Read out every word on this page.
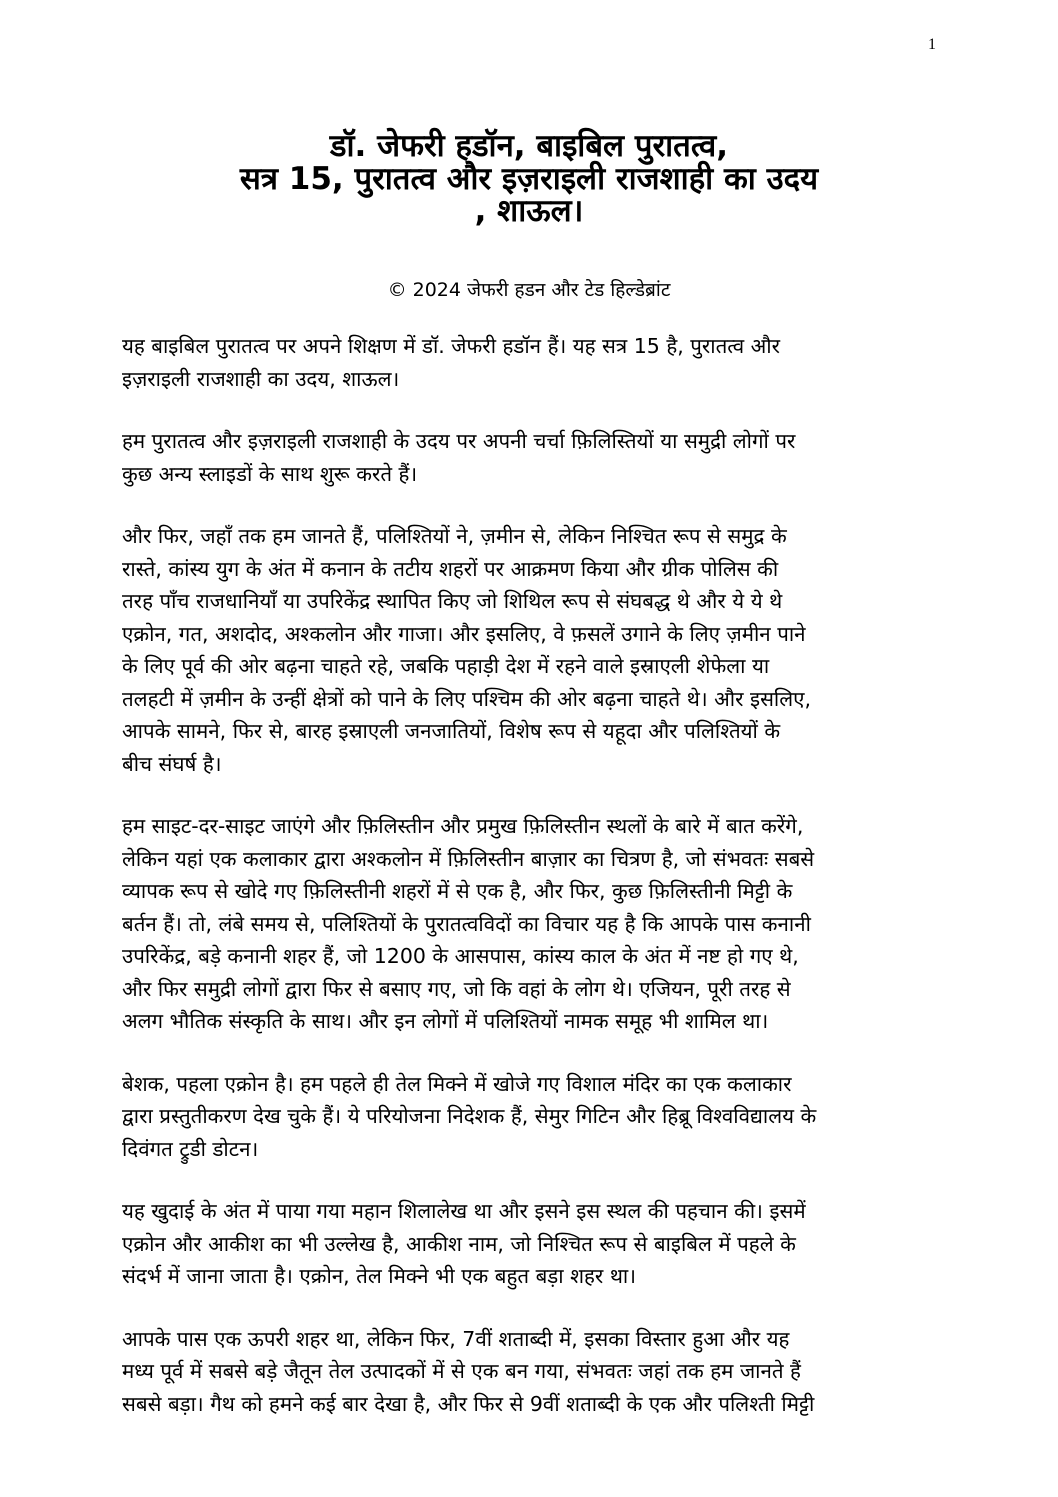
1
डॉ. जेफरी हडॉन, बाइबिल पुरातत्व,
सत्र 15, पुरातत्व और इज़राइली राजशाही का उदय
, शाऊल।
© 2024 जेफरी हडन और टेड हिल्डेब्रांट

यह बाइबिल पुरातत्व पर अपने शिक्षण में डॉ. जेफरी हडॉन हैं। यह सत्र 15 है, पुरातत्व और
इज़राइली राजशाही का उदय, शाऊल।

हम पुरातत्व और इज़राइली राजशाही के उदय पर अपनी चर्चा फ़िलिस्तियों या समुद्री लोगों पर
कुछ अन्य स्लाइडों के साथ शुरू करते हैं।

और फिर, जहाँ तक हम जानते हैं, पलिश्तियों ने, ज़मीन से, लेकिन निश्चित रूप से समुद्र के
रास्ते, कांस्य युग के अंत में कनान के तटीय शहरों पर आक्रमण किया और ग्रीक पोलिस की
तरह पाँच राजधानियाँ या उपरिकेंद्र स्थापित किए जो शिथिल रूप से संघबद्ध थे और ये ये थे
एक्रोन, गत, अशदोद, अश्कलोन और गाजा। और इसलिए, वे फ़सलें उगाने के लिए ज़मीन पाने
के लिए पूर्व की ओर बढ़ना चाहते रहे, जबकि पहाड़ी देश में रहने वाले इस्राएली शेफेला या
तलहटी में ज़मीन के उन्हीं क्षेत्रों को पाने के लिए पश्चिम की ओर बढ़ना चाहते थे। और इसलिए,
आपके सामने, फिर से, बारह इस्राएली जनजातियों, विशेष रूप से यहूदा और पलिश्तियों के
बीच संघर्ष है।

हम साइट-दर-साइट जाएंगे और फ़िलिस्तीन और प्रमुख फ़िलिस्तीन स्थलों के बारे में बात करेंगे,
लेकिन यहां एक कलाकार द्वारा अश्कलोन में फ़िलिस्तीन बाज़ार का चित्रण है, जो संभवतः सबसे
व्यापक रूप से खोदे गए फ़िलिस्तीनी शहरों में से एक है, और फिर, कुछ फ़िलिस्तीनी मिट्टी के
बर्तन हैं। तो, लंबे समय से, पलिश्तियों के पुरातत्वविदों का विचार यह है कि आपके पास कनानी
उपरिकेंद्र, बड़े कनानी शहर हैं, जो 1200 के आसपास, कांस्य काल के अंत में नष्ट हो गए थे,
और फिर समुद्री लोगों द्वारा फिर से बसाए गए, जो कि वहां के लोग थे। एजियन, पूरी तरह से
अलग भौतिक संस्कृति के साथ। और इन लोगों में पलिश्तियों नामक समूह भी शामिल था।

बेशक, पहला एक्रोन है। हम पहले ही तेल मिक्ने में खोजे गए विशाल मंदिर का एक कलाकार
द्वारा प्रस्तुतीकरण देख चुके हैं। ये परियोजना निदेशक हैं, सेमुर गिटिन और हिब्रू विश्वविद्यालय के
दिवंगत ट्रुडी डोटन।

यह खुदाई के अंत में पाया गया महान शिलालेख था और इसने इस स्थल की पहचान की। इसमें
एक्रोन और आकीश का भी उल्लेख है, आकीश नाम, जो निश्चित रूप से बाइबिल में पहले के
संदर्भ में जाना जाता है। एक्रोन, तेल मिक्ने भी एक बहुत बड़ा शहर था।

आपके पास एक ऊपरी शहर था, लेकिन फिर, 7वीं शताब्दी में, इसका विस्तार हुआ और यह
मध्य पूर्व में सबसे बड़े जैतून तेल उत्पादकों में से एक बन गया, संभवतः जहां तक हम जानते हैं
सबसे बड़ा। गैथ को हमने कई बार देखा है, और फिर से 9वीं शताब्दी के एक और पलिश्ती मिट्टी
